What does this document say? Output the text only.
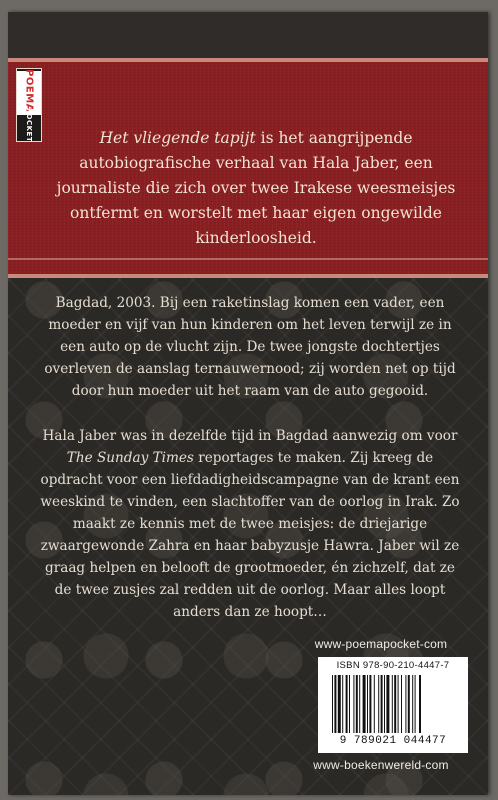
POEMA
POCKET	Het vliegende tapijt is het aangrijpende autobiografische verhaal van Hala Jaber, een journaliste die zich over twee Irakese weesmeisjes ontfermt en worstelt met haar eigen ongewilde kinderloosheid.

Bagdad, 2003. Bij een raketinslag komen een vader, een moeder en vijf van hun kinderen om het leven terwijl ze in een auto op de vlucht zijn. De twee jongste dochtertjes overleven de aanslag ternauwernood; zij worden net op tijd door hun moeder uit het raam van de auto gegooid.

Hala Jaber was in dezelfde tijd in Bagdad aanwezig om voor The Sunday Times reportages te maken. Zij kreeg de opdracht voor een liefdadigheidscampagne van de krant een weeskind te vinden, een slachtoffer van de oorlog in Irak. Zo maakt ze kennis met de twee meisjes: de driejarige zwaargewonde Zahra en haar babyzusje Hawra. Jaber wil ze graag helpen en belooft de grootmoeder, én zichzelf, dat ze de twee zusjes zal redden uit de oorlog. Maar alles loopt anders dan ze hoopt…

www-poemapocket-com
ISBN 978-90-210-4447-7
9 789021 044477
www-boekenwereld-com
